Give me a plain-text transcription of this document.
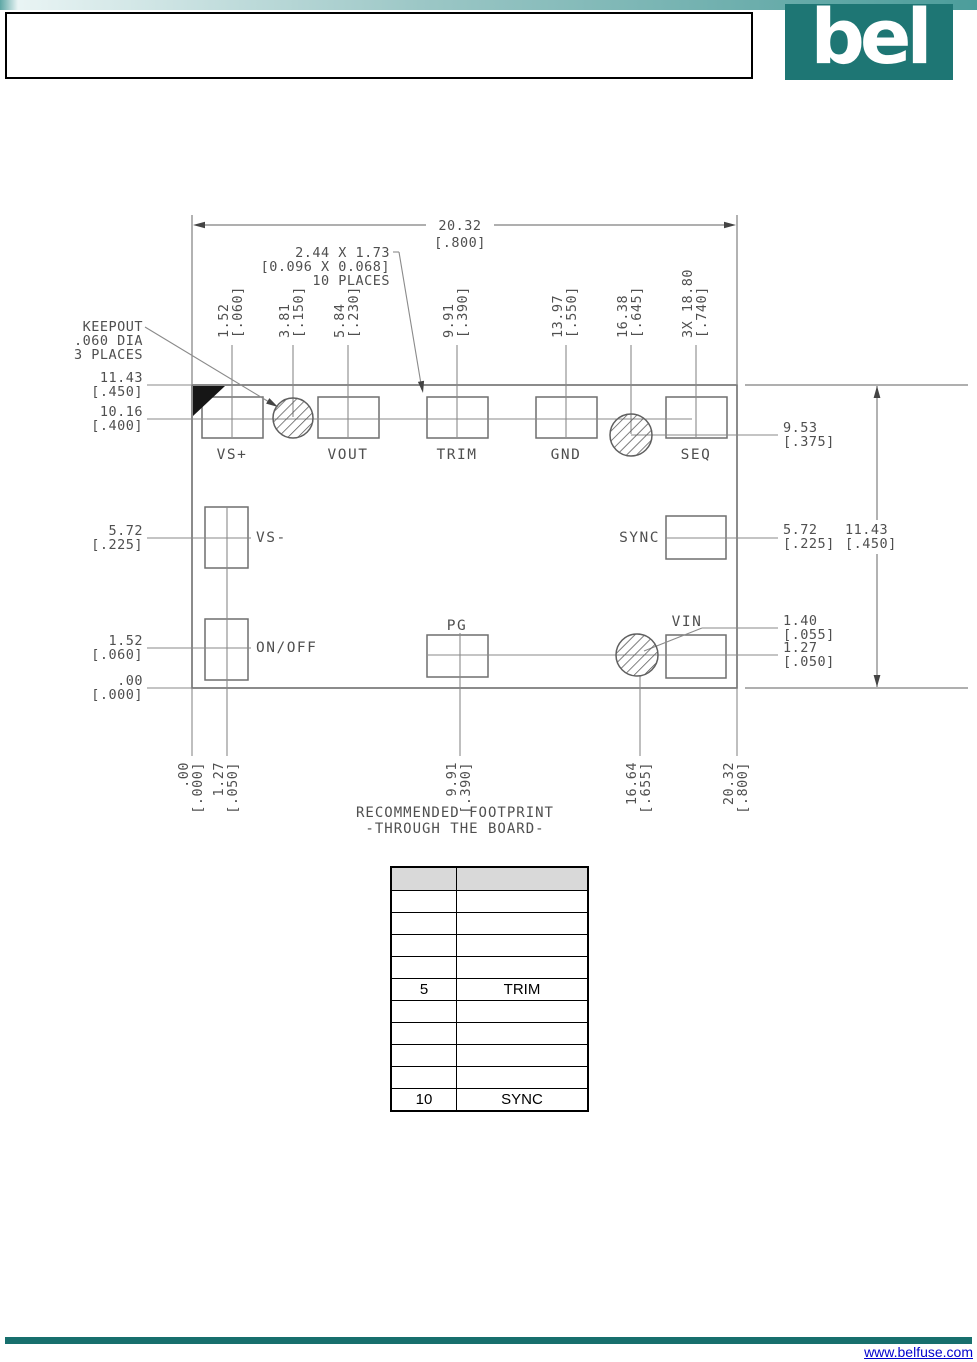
bel
20.32
[.800]
2.44 X 1.73
[0.096 X 0.068]
10 PLACES
KEEPOUT
.060 DIA
3 PLACES
11.43
[.450]
10.16
[.400]
5.72
[.225]
1.52
[.060]
.00
[.000]
9.53
[.375]
5.72
[.225]
11.43
[.450]
1.40
[.055]
1.27
[.050]
1.52
[.060] 3.81
[.150] 5.84
[.230]	9.91
[.390]	13.97
[.550]	16.38
[.645]	3X 18.80
[.740]
.00
[.000] 1.27
[.050]	9.91
[.390]	16.64
[.655]	20.32
[.800]
VS+	VOUT	TRIM	GND	SEQ
VS-	SYNC
ON/OFF
PG	VIN
RECOMMENDED FOOTPRINT
-THROUGH THE BOARD-

5	TRIM

10	SYNC
www.belfuse.com
